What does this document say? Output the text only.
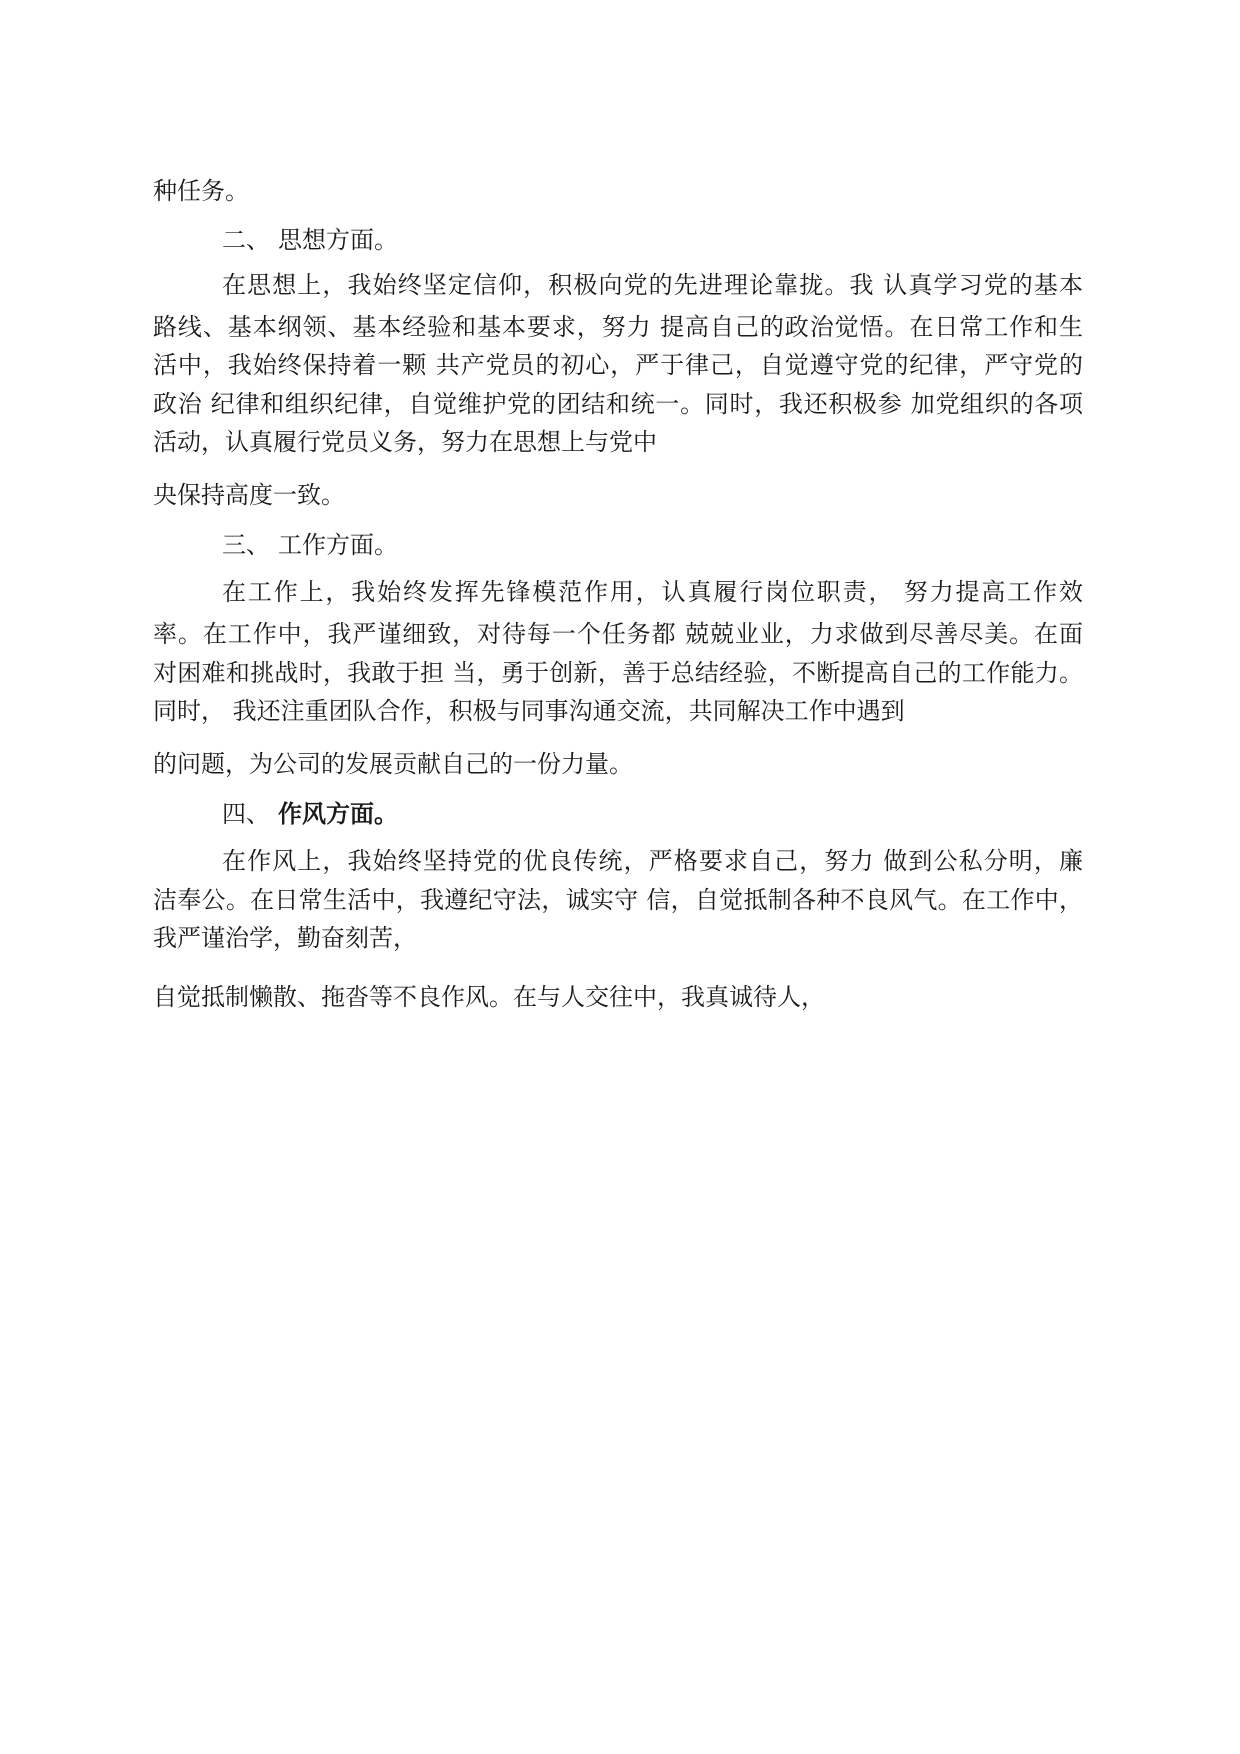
种任务。
二、 思想方面。
在思想上，我始终坚定信仰，积极向党的先进理论靠拢。我 认真学习党的基本
路线、基本纲领、基本经验和基本要求，努力 提高自己的政治觉悟。在日常工作和生
活中，我始终保持着一颗 共产党员的初心，严于律己，自觉遵守党的纪律，严守党的
政治 纪律和组织纪律，自觉维护党的团结和统一。同时，我还积极参 加党组织的各项
活动，认真履行党员义务，努力在思想上与党中
央保持高度一致。
三、 工作方面。
在工作上，我始终发挥先锋模范作用，认真履行岗位职责， 努力提高工作效
率。在工作中，我严谨细致，对待每一个任务都 兢兢业业，力求做到尽善尽美。在面
对困难和挑战时，我敢于担 当，勇于创新，善于总结经验，不断提高自己的工作能力。
同时， 我还注重团队合作，积极与同事沟通交流，共同解决工作中遇到
的问题，为公司的发展贡献自己的一份力量。
四、 作风方面。
在作风上，我始终坚持党的优良传统，严格要求自己，努力 做到公私分明，廉
洁奉公。在日常生活中，我遵纪守法，诚实守 信，自觉抵制各种不良风气。在工作中，
我严谨治学，勤奋刻苦，
自觉抵制懒散、拖沓等不良作风。在与人交往中，我真诚待人，
